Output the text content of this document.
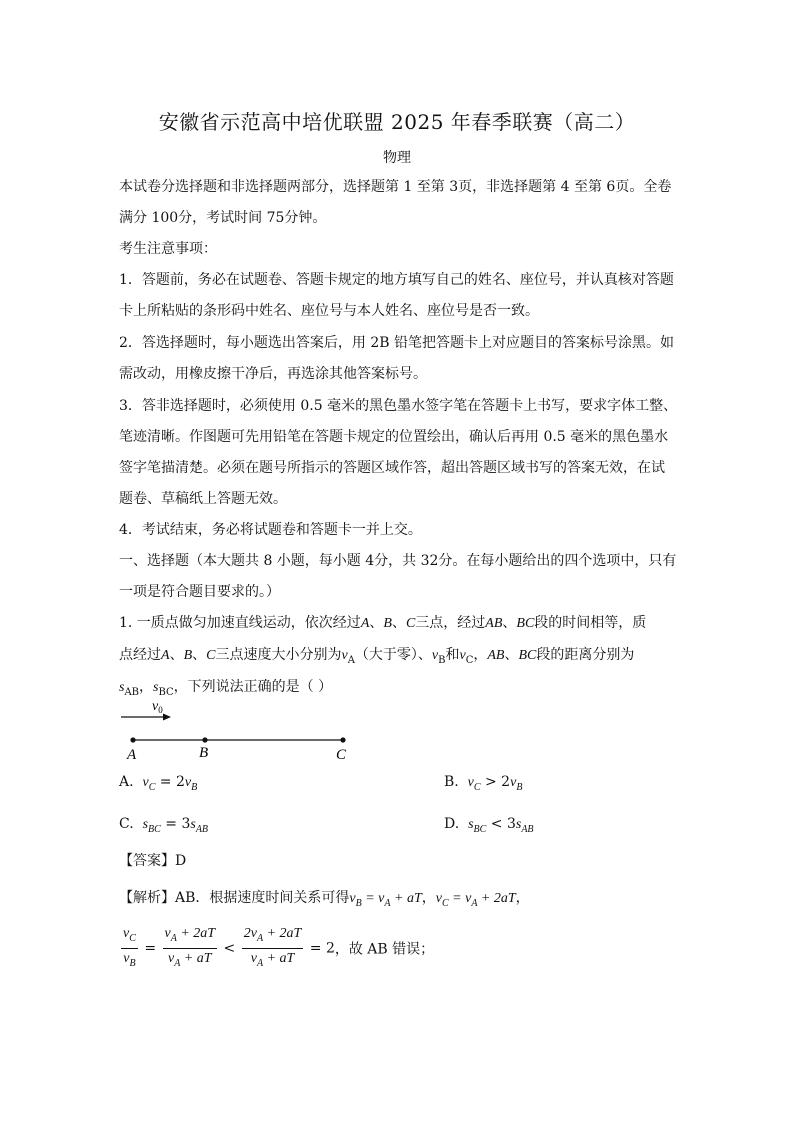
安徽省示范高中培优联盟 2025 年春季联赛（高二）
物理
本试卷分选择题和非选择题两部分，选择题第 1 至第 3页，非选择题第 4 至第 6页。全卷
满分 100分，考试时间 75分钟。
考生注意事项：
1．答题前，务必在试题卷、答题卡规定的地方填写自己的姓名、座位号，并认真核对答题
卡上所粘贴的条形码中姓名、座位号与本人姓名、座位号是否一致。
2．答选择题时，每小题选出答案后，用 2B 铅笔把答题卡上对应题目的答案标号涂黑。如
需改动，用橡皮擦干净后，再选涂其他答案标号。
3．答非选择题时，必须使用 0.5 毫米的黑色墨水签字笔在答题卡上书写，要求字体工整、
笔迹清晰。作图题可先用铅笔在答题卡规定的位置绘出，确认后再用 0.5 毫米的黑色墨水
签字笔描清楚。必须在题号所指示的答题区域作答，超出答题区域书写的答案无效，在试
题卷、草稿纸上答题无效。
4．考试结束，务必将试题卷和答题卡一并上交。
一、选择题（本大题共 8 小题，每小题 4分，共 32分。在每小题给出的四个选项中，只有
一项是符合题目要求的。）
1. 一质点做匀加速直线运动，依次经过A、B、C三点，经过AB、BC段的时间相等，质
点经过A、B、C三点速度大小分别为$v_A$（大于零）、$v_B$和$v_C$，AB、BC段的距离分别为
$s_{AB}$，$s_{BC}$，下列说法正确的是（ ）
$v_0$
A	B	C
A. $v_C = 2v_B$	B. $v_C > 2v_B$
C. $s_{BC} = 3s_{AB}$	D. $s_{BC} < 3s_{AB}$
【答案】D
【解析】AB．根据速度时间关系可得$v_B = v_A$ + aT，$v_C = v_A + 2aT$，
$\frac{v_C}{v_B} = \frac{v_A + 2aT}{v_A + aT} < \frac{2v_A + 2aT}{v_A + aT} = 2$，故 AB 错误；
